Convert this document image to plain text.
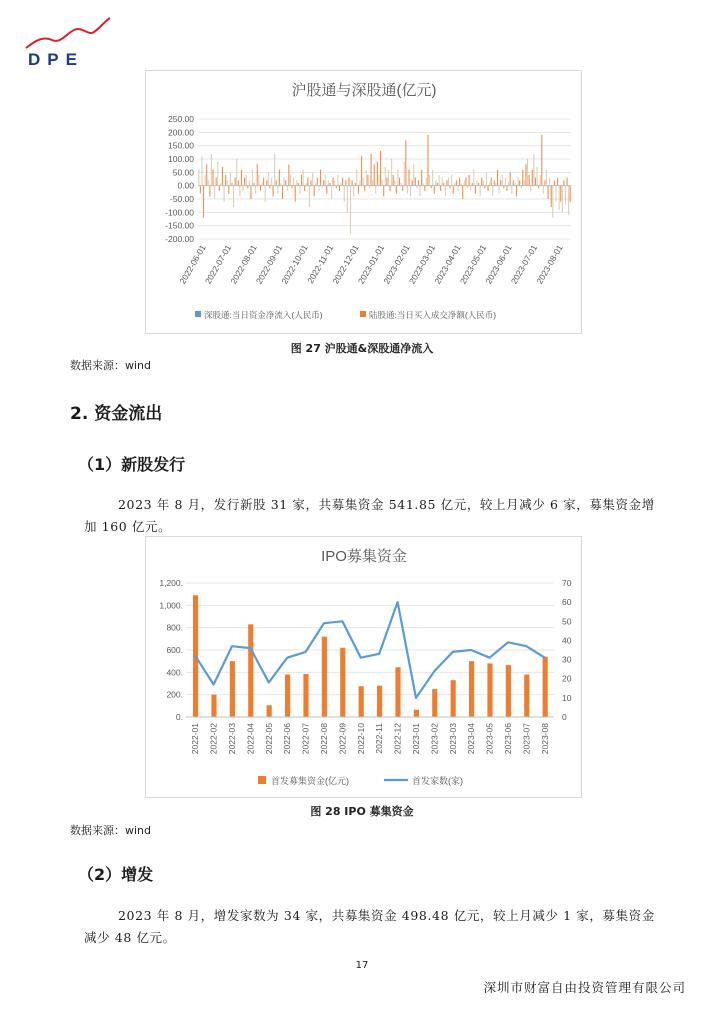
DPE
沪股通与深股通(亿元)
250.00
200.00
150.00
100.00
50.00
0.00
-50.00
-100.00
-150.00
-200.00
2022-06-01
2022-07-01
2022-08-01
2022-09-01
2022-10-01
2022-11-01
2022-12-01
2023-01-01
2023-02-01
2023-03-01
2023-04-01
2023-05-01
2023-06-01
2023-07-01
2023-08-01
深股通:当日资金净流入(人民币)	陆股通:当日买入成交净额(人民币)
图 27 沪股通&深股通净流入
数据来源：wind
2. 资金流出
（1）新股发行
2023 年 8 月，发行新股 31 家，共募集资金 541.85 亿元，较上月减少 6 家，募集资金增加 160 亿元。
IPO募集资金
1,200.
1,000.
800.
600.
400.
200.
0.
70
60
50
40
30
20
10
0
2022-01 2022-02 2022-03 2022-04 2022-05 2022-06 2022-07 2022-08 2022-09 2022-10 2022-11 2022-12 2023-01 2023-02 2023-03 2023-04 2023-05 2023-06 2023-07 2023-08
首发募集资金(亿元)	首发家数(家)
图 28 IPO 募集资金
数据来源：wind
（2）增发
2023 年 8 月，增发家数为 34 家，共募集资金 498.48 亿元，较上月减少 1 家，募集资金减少 48 亿元。
17
深圳市财富自由投资管理有限公司
